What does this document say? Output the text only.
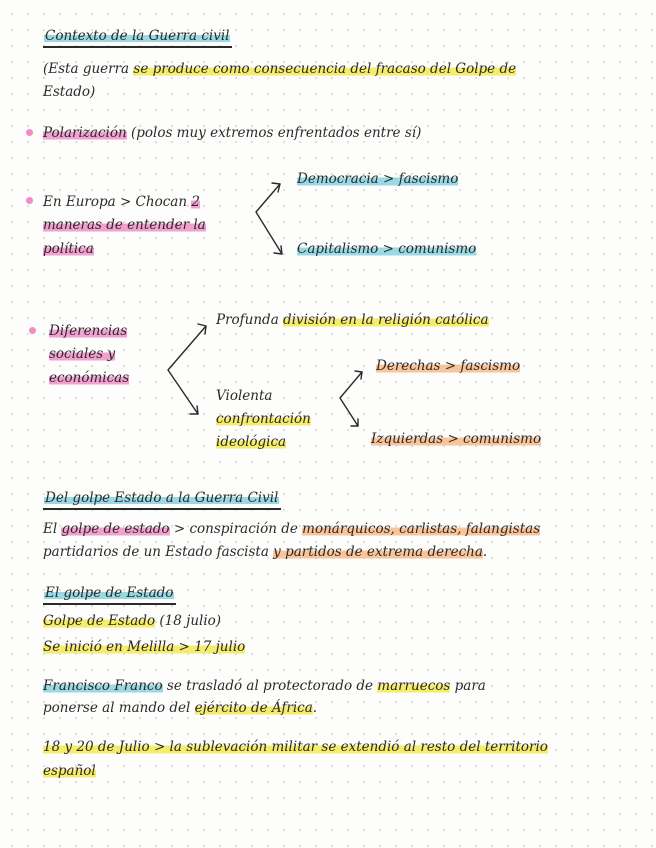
Contexto de la Guerra civil
(Esta guerra se produce como consecuencia del fracaso del Golpe de
Estado)
Polarización (polos muy extremos enfrentados entre sí)
En Europa > Chocan 2
maneras de entender la
política
Democracia > fascismo
Capitalismo > comunismo
Diferencias
sociales y
económicas
Profunda división en la religión católica
Violenta
confrontación
ideológica
Derechas > fascismo
Izquierdas > comunismo
Del golpe Estado a la Guerra Civil
El golpe de estado > conspiración de monárquicos, carlistas, falangistas
partidarios de un Estado fascista y partidos de extrema derecha.
El golpe de Estado
Golpe de Estado (18 julio)
Se inició en Melilla > 17 julio
Francisco Franco se trasladó al protectorado de marruecos para
ponerse al mando del ejército de África.
18 y 20 de Julio > la sublevación militar se extendió al resto del territorio
español
